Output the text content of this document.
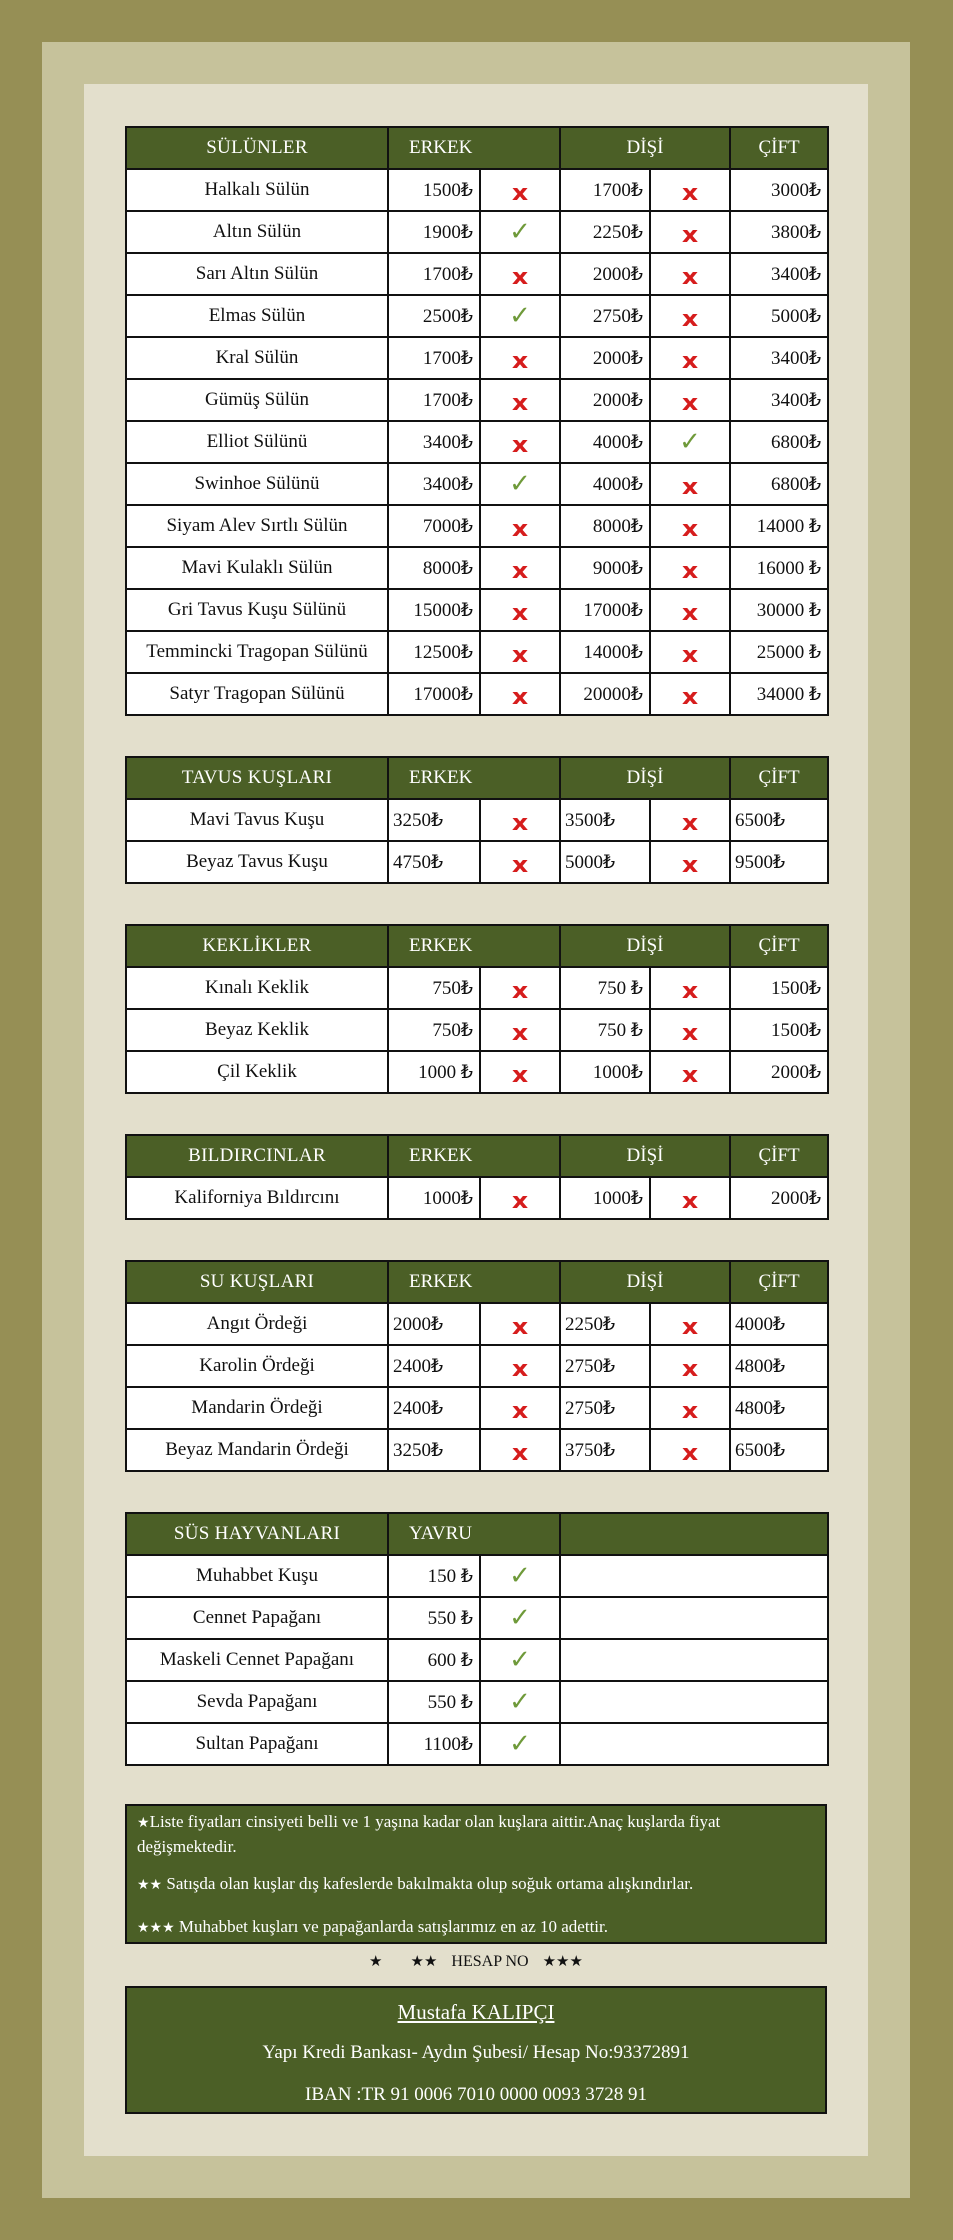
SÜLÜNLER	ERKEK		DİŞİ		ÇİFT
Halkalı Sülün	1500₺	x	1700₺	x	3000₺
Altın Sülün	1900₺	✓	2250₺	x	3800₺
Sarı Altın Sülün	1700₺	x	2000₺	x	3400₺
Elmas Sülün	2500₺	✓	2750₺	x	5000₺
Kral Sülün	1700₺	x	2000₺	x	3400₺
Gümüş Sülün	1700₺	x	2000₺	x	3400₺
Elliot Sülünü	3400₺	x	4000₺	✓	6800₺
Swinhoe Sülünü	3400₺	✓	4000₺	x	6800₺
Siyam Alev Sırtlı Sülün	7000₺	x	8000₺	x	14000 ₺
Mavi Kulaklı Sülün	8000₺	x	9000₺	x	16000 ₺
Gri Tavus Kuşu Sülünü	15000₺	x	17000₺	x	30000 ₺
Temmincki Tragopan Sülünü	12500₺	x	14000₺	x	25000 ₺
Satyr Tragopan Sülünü	17000₺	x	20000₺	x	34000 ₺
TAVUS KUŞLARI	ERKEK		DİŞİ		ÇİFT
Mavi Tavus Kuşu	3250₺	x	3500₺	x	6500₺
Beyaz Tavus Kuşu	4750₺	x	5000₺	x	9500₺
KEKLİKLER	ERKEK		DİŞİ		ÇİFT
Kınalı Keklik	750₺	x	750 ₺	x	1500₺
Beyaz Keklik	750₺	x	750 ₺	x	1500₺
Çil Keklik	1000 ₺	x	1000₺	x	2000₺
BILDIRCINLAR	ERKEK		DİŞİ		ÇİFT
Kaliforniya Bıldırcını	1000₺	x	1000₺	x	2000₺
SU KUŞLARI	ERKEK		DİŞİ		ÇİFT
Angıt Ördeği	2000₺	x	2250₺	x	4000₺
Karolin Ördeği	2400₺	x	2750₺	x	4800₺
Mandarin Ördeği	2400₺	x	2750₺	x	4800₺
Beyaz Mandarin Ördeği	3250₺	x	3750₺	x	6500₺
SÜS HAYVANLARI	YAVRU		
Muhabbet Kuşu	150 ₺	✓	
Cennet Papağanı	550 ₺	✓	
Maskeli Cennet Papağanı	600 ₺	✓	
Sevda Papağanı	550 ₺	✓	
Sultan Papağanı	1100₺	✓	

★Liste fiyatları cinsiyeti belli ve 1 yaşına kadar olan kuşlara aittir.Anaç kuşlarda fiyat değişmektedir.

★★ Satışda olan kuşlar dış kafeslerde bakılmakta olup soğuk ortama alışkındırlar.

★★★ Muhabbet kuşları ve papağanlarda satışlarımız en az 10 adettir.

★ ★★ HESAP NO ★★★
Mustafa KALIPÇI
Yapı Kredi Bankası- Aydın Şubesi/ Hesap No:93372891
IBAN :TR 91 0006 7010 0000 0093 3728 91
